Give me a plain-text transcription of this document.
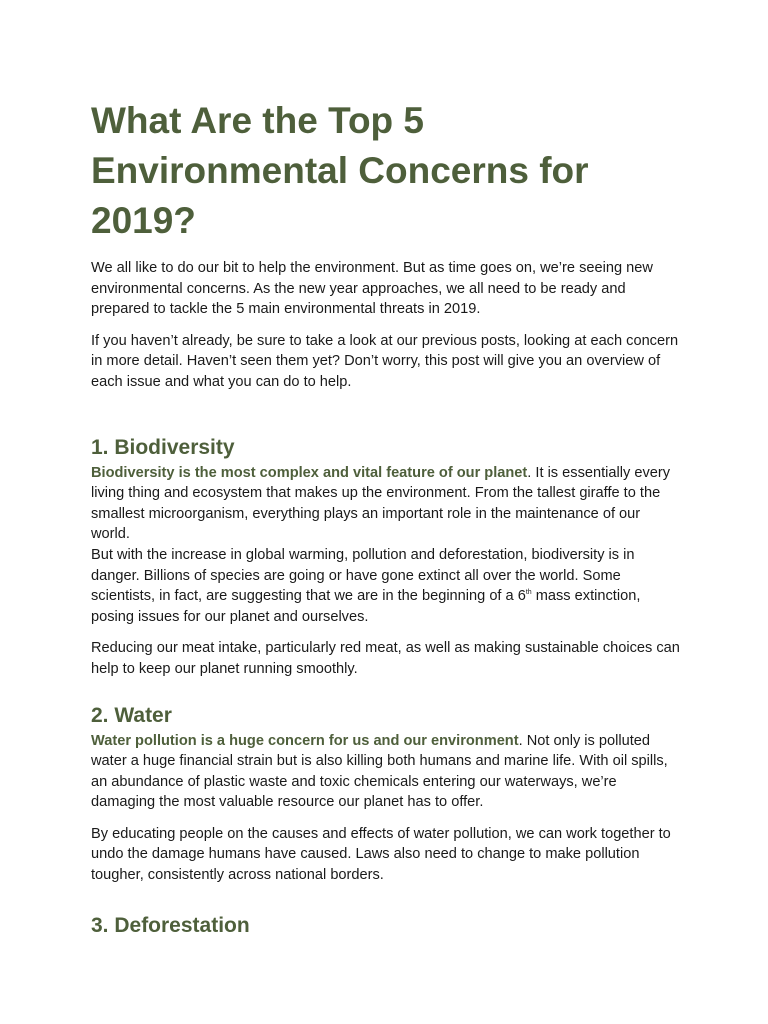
What Are the Top 5 Environmental Concerns for 2019?

We all like to do our bit to help the environment. But as time goes on, we’re seeing new environmental concerns. As the new year approaches, we all need to be ready and prepared to tackle the 5 main environmental threats in 2019.

If you haven’t already, be sure to take a look at our previous posts, looking at each concern in more detail. Haven’t seen them yet? Don’t worry, this post will give you an overview of each issue and what you can do to help.

1. Biodiversity

Biodiversity is the most complex and vital feature of our planet. It is essentially every living thing and ecosystem that makes up the environment. From the tallest giraffe to the smallest microorganism, everything plays an important role in the maintenance of our world.

But with the increase in global warming, pollution and deforestation, biodiversity is in danger. Billions of species are going or have gone extinct all over the world. Some scientists, in fact, are suggesting that we are in the beginning of a 6th mass extinction, posing issues for our planet and ourselves.

Reducing our meat intake, particularly red meat, as well as making sustainable choices can help to keep our planet running smoothly.

2. Water

Water pollution is a huge concern for us and our environment. Not only is polluted water a huge financial strain but is also killing both humans and marine life. With oil spills, an abundance of plastic waste and toxic chemicals entering our waterways, we’re damaging the most valuable resource our planet has to offer.

By educating people on the causes and effects of water pollution, we can work together to undo the damage humans have caused. Laws also need to change to make pollution tougher, consistently across national borders.

3. Deforestation
